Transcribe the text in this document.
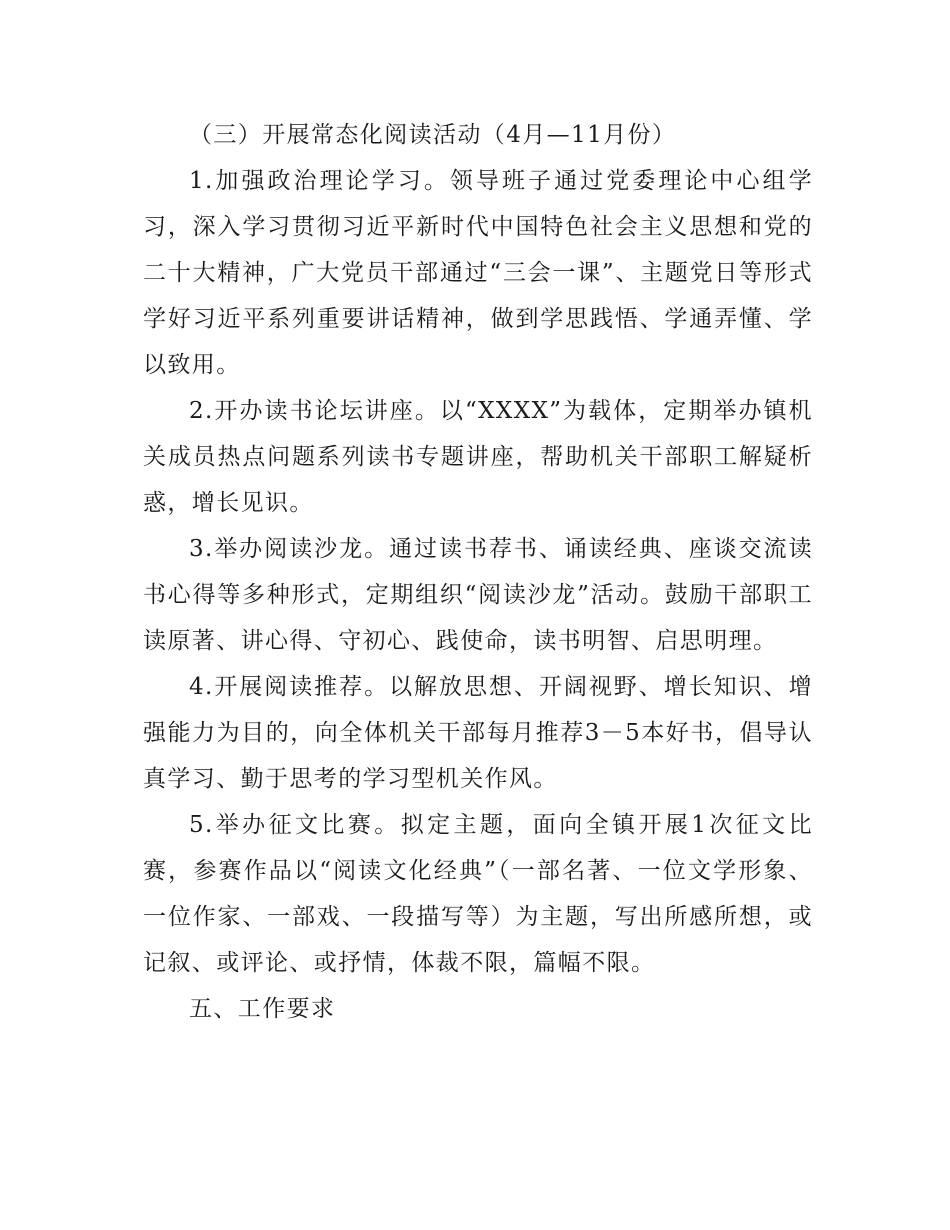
（三）开展常态化阅读活动（4月—11月份）

1.加强政治理论学习。领导班子通过党委理论中心组学习，深入学习贯彻习近平新时代中国特色社会主义思想和党的二十大精神，广大党员干部通过“三会一课”、主题党日等形式学好习近平系列重要讲话精神，做到学思践悟、学通弄懂、学以致用。

2.开办读书论坛讲座。以“XXXX”为载体，定期举办镇机关成员热点问题系列读书专题讲座，帮助机关干部职工解疑析惑，增长见识。

3.举办阅读沙龙。通过读书荐书、诵读经典、座谈交流读书心得等多种形式，定期组织“阅读沙龙”活动。鼓励干部职工读原著、讲心得、守初心、践使命，读书明智、启思明理。

4.开展阅读推荐。以解放思想、开阔视野、增长知识、增强能力为目的，向全体机关干部每月推荐3－5本好书，倡导认真学习、勤于思考的学习型机关作风。

5.举办征文比赛。拟定主题，面向全镇开展1次征文比赛，参赛作品以“阅读文化经典”（一部名著、一位文学形象、一位作家、一部戏、一段描写等）为主题，写出所感所想，或记叙、或评论、或抒情，体裁不限，篇幅不限。

五、工作要求
